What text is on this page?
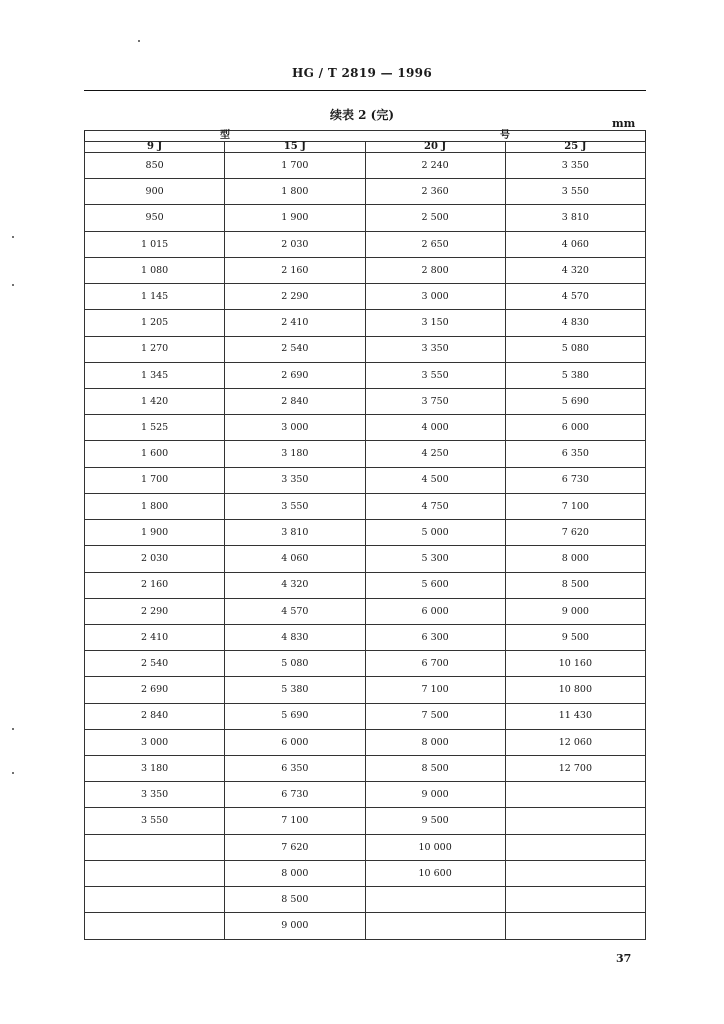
HG / T 2819 — 1996
续表 2 (完)
mm
型		号	
9 J	15 J	20 J	25 J
850	1 700	2 240	3 350
900	1 800	2 360	3 550
950	1 900	2 500	3 810
1 015	2 030	2 650	4 060
1 080	2 160	2 800	4 320
1 145	2 290	3 000	4 570
1 205	2 410	3 150	4 830
1 270	2 540	3 350	5 080
1 345	2 690	3 550	5 380
1 420	2 840	3 750	5 690
1 525	3 000	4 000	6 000
1 600	3 180	4 250	6 350
1 700	3 350	4 500	6 730
1 800	3 550	4 750	7 100
1 900	3 810	5 000	7 620
2 030	4 060	5 300	8 000
2 160	4 320	5 600	8 500
2 290	4 570	6 000	9 000
2 410	4 830	6 300	9 500
2 540	5 080	6 700	10 160
2 690	5 380	7 100	10 800
2 840	5 690	7 500	11 430
3 000	6 000	8 000	12 060
3 180	6 350	8 500	12 700
3 350	6 730	9 000	
3 550	7 100	9 500	
	7 620	10 000	
	8 000	10 600	
	8 500		
	9 000		
37
